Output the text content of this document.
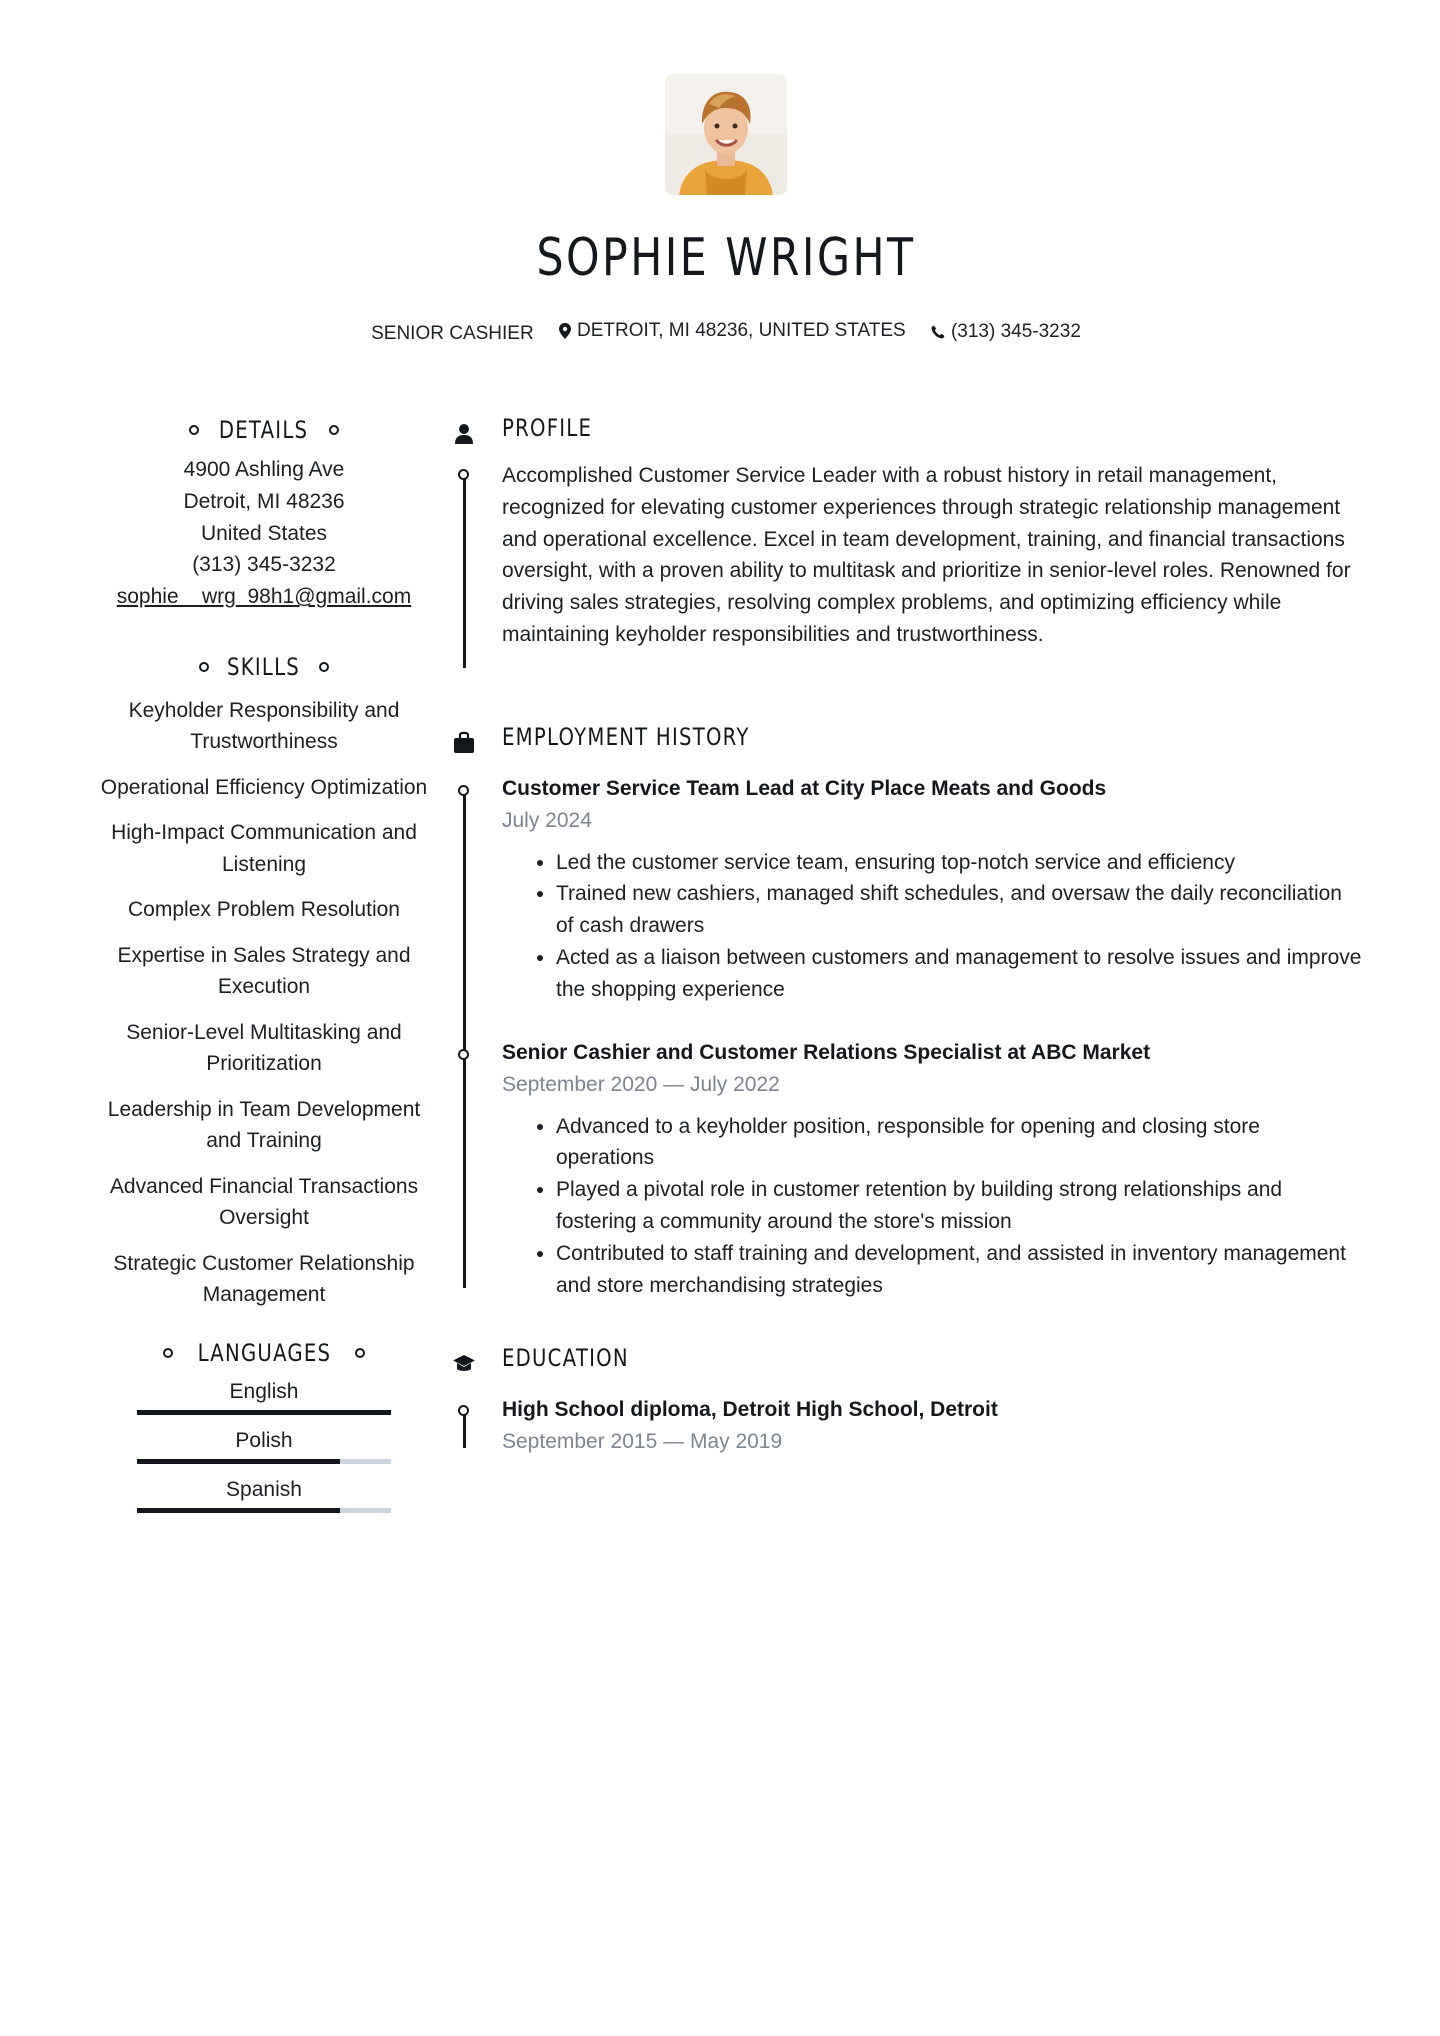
SOPHIE WRIGHT
SENIOR CASHIER
DETROIT, MI 48236, UNITED STATES
(313) 345-3232
DETAILS
4900 Ashling Ave
Detroit, MI 48236
United States
(313) 345-3232
sophie__wrg_98h1@gmail.com
SKILLS
Keyholder Responsibility and Trustworthiness
Operational Efficiency Optimization
High-Impact Communication and Listening
Complex Problem Resolution
Expertise in Sales Strategy and Execution
Senior-Level Multitasking and Prioritization
Leadership in Team Development and Training
Advanced Financial Transactions Oversight
Strategic Customer Relationship Management
LANGUAGES
English
Polish
Spanish
PROFILE
Accomplished Customer Service Leader with a robust history in retail management, recognized for elevating customer experiences through strategic relationship management and operational excellence. Excel in team development, training, and financial transactions oversight, with a proven ability to multitask and prioritize in senior-level roles. Renowned for driving sales strategies, resolving complex problems, and optimizing efficiency while maintaining keyholder responsibilities and trustworthiness.
EMPLOYMENT HISTORY
Customer Service Team Lead at City Place Meats and Goods
July 2024
• Led the customer service team, ensuring top-notch service and efficiency
• Trained new cashiers, managed shift schedules, and oversaw the daily reconciliation of cash drawers
• Acted as a liaison between customers and management to resolve issues and improve the shopping experience
Senior Cashier and Customer Relations Specialist at ABC Market
September 2020 — July 2022
• Advanced to a keyholder position, responsible for opening and closing store operations
• Played a pivotal role in customer retention by building strong relationships and fostering a community around the store's mission
• Contributed to staff training and development, and assisted in inventory management and store merchandising strategies
EDUCATION
High School diploma, Detroit High School, Detroit
September 2015 — May 2019
